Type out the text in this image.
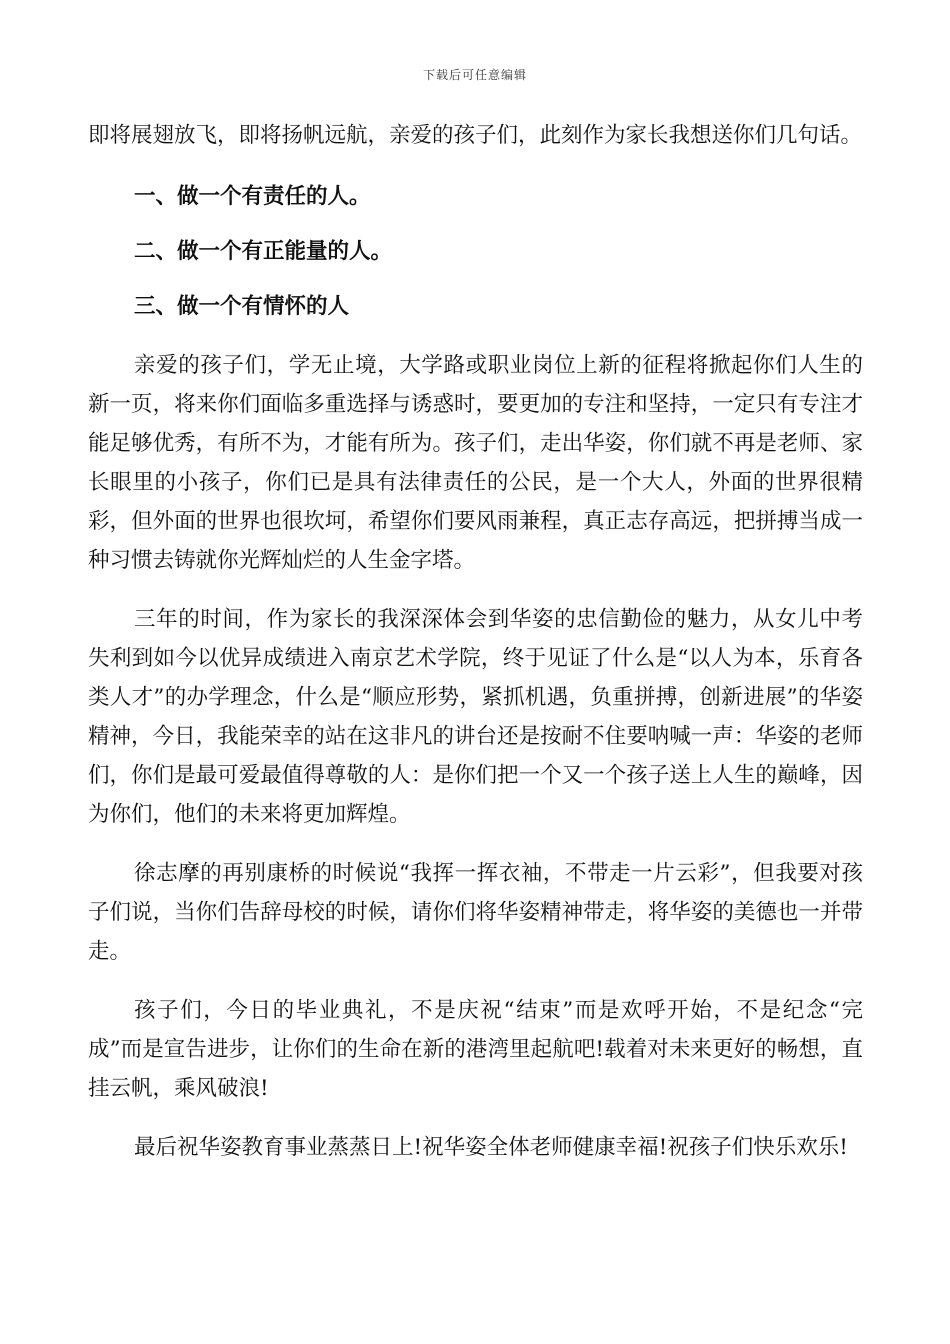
下载后可任意编辑

即将展翅放飞，即将扬帆远航，亲爱的孩子们，此刻作为家长我想送你们几句话。

一、做一个有责任的人。

二、做一个有正能量的人。

三、做一个有情怀的人

亲爱的孩子们，学无止境，大学路或职业岗位上新的征程将掀起你们人生的新一页，将来你们面临多重选择与诱惑时，要更加的专注和坚持，一定只有专注才能足够优秀，有所不为，才能有所为。孩子们，走出华姿，你们就不再是老师、家长眼里的小孩子，你们已是具有法律责任的公民，是一个大人，外面的世界很精彩，但外面的世界也很坎坷，希望你们要风雨兼程，真正志存高远，把拼搏当成一种习惯去铸就你光辉灿烂的人生金字塔。

三年的时间，作为家长的我深深体会到华姿的忠信勤俭的魅力，从女儿中考失利到如今以优异成绩进入南京艺术学院，终于见证了什么是“以人为本，乐育各类人才”的办学理念，什么是“顺应形势，紧抓机遇，负重拼搏，创新进展”的华姿精神，今日，我能荣幸的站在这非凡的讲台还是按耐不住要呐喊一声：华姿的老师们，你们是最可爱最值得尊敬的人：是你们把一个又一个孩子送上人生的巅峰，因为你们，他们的未来将更加辉煌。

徐志摩的再别康桥的时候说“我挥一挥衣袖，不带走一片云彩”，但我要对孩子们说，当你们告辞母校的时候，请你们将华姿精神带走，将华姿的美德也一并带走。

孩子们，今日的毕业典礼，不是庆祝“结束”而是欢呼开始，不是纪念“完成”而是宣告进步，让你们的生命在新的港湾里起航吧!载着对未来更好的畅想，直挂云帆，乘风破浪!

最后祝华姿教育事业蒸蒸日上!祝华姿全体老师健康幸福!祝孩子们快乐欢乐!
